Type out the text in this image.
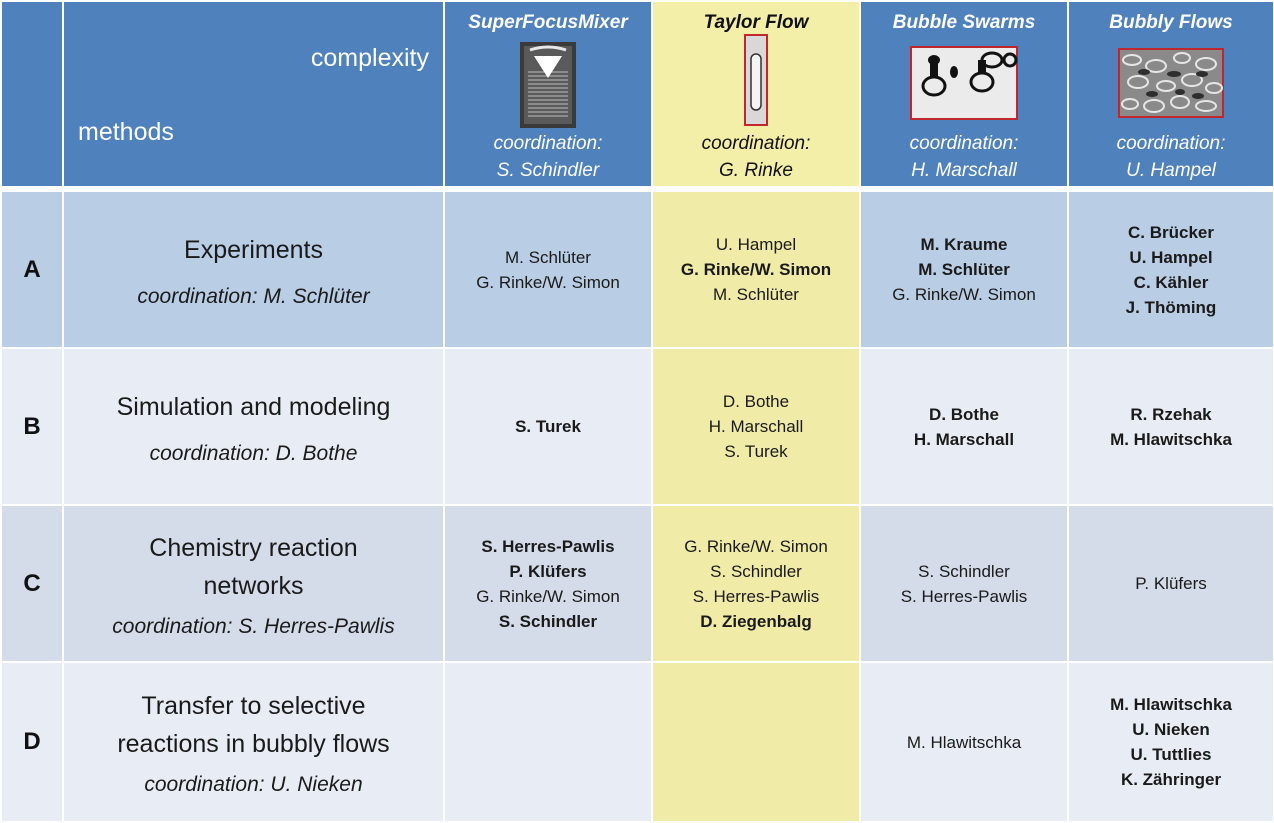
complexity
methods
SuperFocusMixer
coordination:
S. Schindler
Taylor Flow
coordination:
G. Rinke
Bubble Swarms
coordination:
H. Marschall
Bubbly Flows
coordination:
U. Hampel
A
Experiments
coordination: M. Schlüter
M. Schlüter
G. Rinke/W. Simon
U. Hampel
G. Rinke/W. Simon
M. Schlüter
M. Kraume
M. Schlüter
G. Rinke/W. Simon
C. Brücker
U. Hampel
C. Kähler
J. Thöming
B
Simulation and modeling
coordination: D. Bothe
S. Turek
D. Bothe
H. Marschall
S. Turek
D. Bothe
H. Marschall
R. Rzehak
M. Hlawitschka
C
Chemistry reaction
networks
coordination: S. Herres-Pawlis
S. Herres-Pawlis
P. Klüfers
G. Rinke/W. Simon
S. Schindler
G. Rinke/W. Simon
S. Schindler
S. Herres-Pawlis
D. Ziegenbalg
S. Schindler
S. Herres-Pawlis
P. Klüfers
D
Transfer to selective
reactions in bubbly flows
coordination: U. Nieken
M. Hlawitschka
M. Hlawitschka
U. Nieken
U. Tuttlies
K. Zähringer
